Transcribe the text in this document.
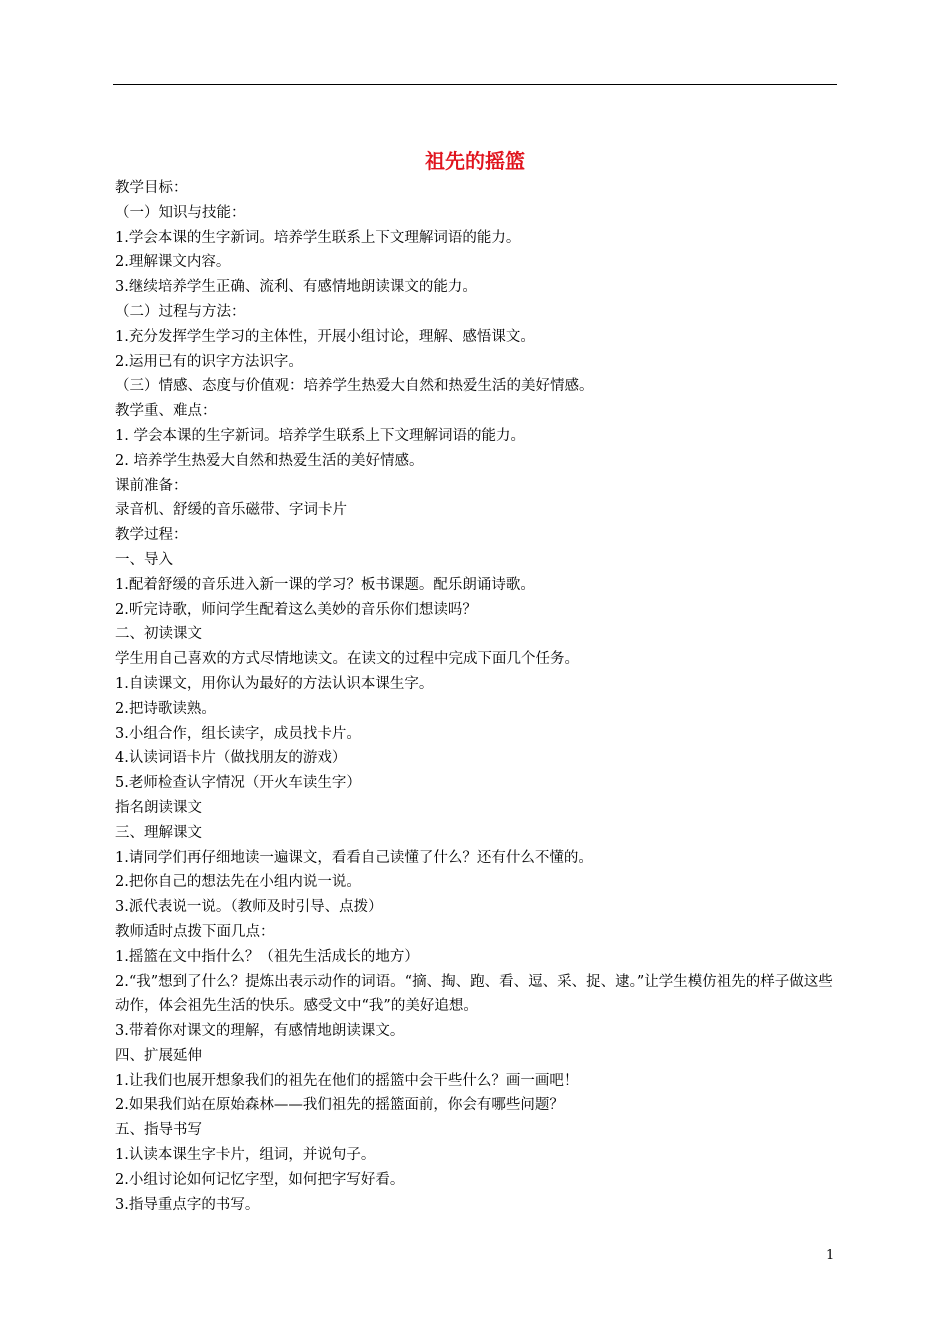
祖先的摇篮
教学目标：
（一）知识与技能：
1.学会本课的生字新词。培养学生联系上下文理解词语的能力。
2.理解课文内容。
3.继续培养学生正确、流利、有感情地朗读课文的能力。
（二）过程与方法：
1.充分发挥学生学习的主体性，开展小组讨论，理解、感悟课文。
2.运用已有的识字方法识字。
（三）情感、态度与价值观：培养学生热爱大自然和热爱生活的美好情感。
教学重、难点：
1. 学会本课的生字新词。培养学生联系上下文理解词语的能力。
2. 培养学生热爱大自然和热爱生活的美好情感。
课前准备：
录音机、舒缓的音乐磁带、字词卡片
教学过程：
一、导入
1.配着舒缓的音乐进入新一课的学习？板书课题。配乐朗诵诗歌。
2.听完诗歌，师问学生配着这么美妙的音乐你们想读吗？
二、初读课文
学生用自己喜欢的方式尽情地读文。在读文的过程中完成下面几个任务。
1.自读课文，用你认为最好的方法认识本课生字。
2.把诗歌读熟。
3.小组合作，组长读字，成员找卡片。
4.认读词语卡片（做找朋友的游戏）
5.老师检查认字情况（开火车读生字）
指名朗读课文
三、理解课文
1.请同学们再仔细地读一遍课文，看看自己读懂了什么？还有什么不懂的。
2.把你自己的想法先在小组内说一说。
3.派代表说一说。（教师及时引导、点拨）
教师适时点拨下面几点：
1.摇篮在文中指什么？（祖先生活成长的地方）
2.“我”想到了什么？提炼出表示动作的词语。“摘、掏、跑、看、逗、采、捉、逮。”让学生模仿祖先的样子做这些动作，体会祖先生活的快乐。感受文中“我”的美好追想。
3.带着你对课文的理解，有感情地朗读课文。
四、扩展延伸
1.让我们也展开想象我们的祖先在他们的摇篮中会干些什么？画一画吧！
2.如果我们站在原始森林——我们祖先的摇篮面前，你会有哪些问题？
五、指导书写
1.认读本课生字卡片，组词，并说句子。
2.小组讨论如何记忆字型，如何把字写好看。
3.指导重点字的书写。
1
